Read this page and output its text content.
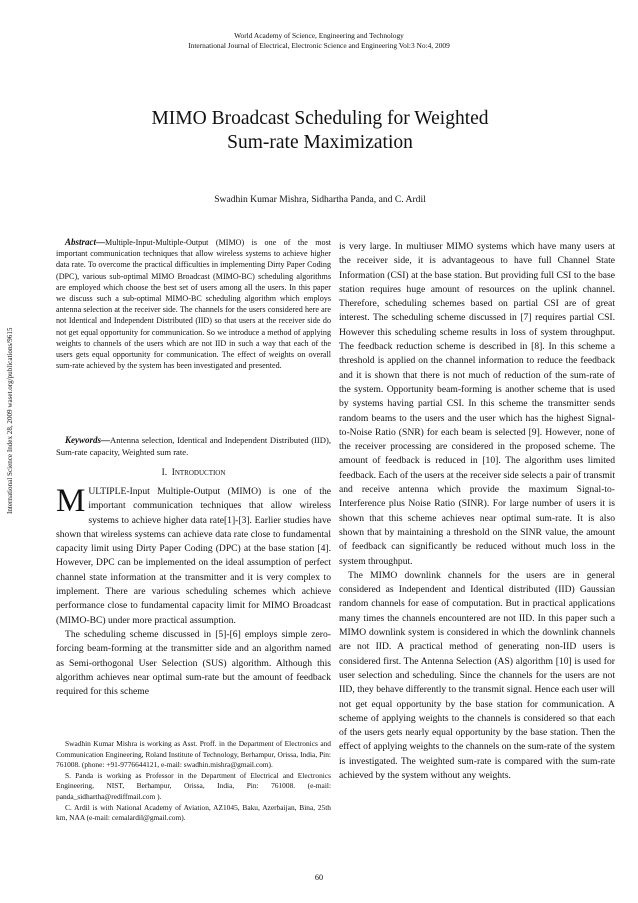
World Academy of Science, Engineering and Technology
International Journal of Electrical, Electronic Science and Engineering Vol:3 No:4, 2009
International Science Index 28, 2009 waset.org/publications/9615
MIMO Broadcast Scheduling for Weighted
Sum-rate Maximization
Swadhin Kumar Mishra, Sidhartha Panda, and C. Ardil

Abstract—Multiple-Input-Multiple-Output (MIMO) is one of the most important communication techniques that allow wireless systems to achieve higher data rate. To overcome the practical difficulties in implementing Dirty Paper Coding (DPC), various sub-optimal MIMO Broadcast (MIMO-BC) scheduling algorithms are employed which choose the best set of users among all the users. In this paper we discuss such a sub-optimal MIMO-BC scheduling algorithm which employs antenna selection at the receiver side. The channels for the users considered here are not Identical and Independent Distributed (IID) so that users at the receiver side do not get equal opportunity for communication. So we introduce a method of applying weights to channels of the users which are not IID in such a way that each of the users gets equal opportunity for communication. The effect of weights on overall sum-rate achieved by the system has been investigated and presented.

Keywords—Antenna selection, Identical and Independent Distributed (IID), Sum-rate capacity, Weighted sum rate.

I. Introduction

MULTIPLE-Input Multiple-Output (MIMO) is one of the important communication techniques that allow wireless systems to achieve higher data rate[1]-[3]. Earlier studies have shown that wireless systems can achieve data rate close to fundamental capacity limit using Dirty Paper Coding (DPC) at the base station [4]. However, DPC can be implemented on the ideal assumption of perfect channel state information at the transmitter and it is very complex to implement. There are various scheduling schemes which achieve performance close to fundamental capacity limit for MIMO Broadcast (MIMO-BC) under more practical assumption.

The scheduling scheme discussed in [5]-[6] employs simple zero-forcing beam-forming at the transmitter side and an algorithm named as Semi-orthogonal User Selection (SUS) algorithm. Although this algorithm achieves near optimal sum-rate but the amount of feedback required for this scheme

Swadhin Kumar Mishra is working as Asst. Proff. in the Department of Electronics and Communication Engineering, Roland Institute of Technology, Berhampur, Orissa, India, Pin: 761008. (phone: +91-9776644121, e-mail: swadhin.mishra@gmail.com).

S. Panda is working as Professor in the Department of Electrical and Electronics Engineering, NIST, Berhampur, Orissa, India, Pin: 761008. (e-mail: panda_sidhartha@rediffmail.com ).

C. Ardil is with National Academy of Aviation, AZ1045, Baku, Azerbaijan, Bina, 25th km, NAA (e-mail: cemalardil@gmail.com).

is very large. In multiuser MIMO systems which have many users at the receiver side, it is advantageous to have full Channel State Information (CSI) at the base station. But providing full CSI to the base station requires huge amount of resources on the uplink channel. Therefore, scheduling schemes based on partial CSI are of great interest. The scheduling scheme discussed in [7] requires partial CSI. However this scheduling scheme results in loss of system throughput. The feedback reduction scheme is described in [8]. In this scheme a threshold is applied on the channel information to reduce the feedback and it is shown that there is not much of reduction of the sum-rate of the system. Opportunity beam-forming is another scheme that is used by systems having partial CSI. In this scheme the transmitter sends random beams to the users and the user which has the highest Signal-to-Noise Ratio (SNR) for each beam is selected [9]. However, none of the receiver processing are considered in the proposed scheme. The amount of feedback is reduced in [10]. The algorithm uses limited feedback. Each of the users at the receiver side selects a pair of transmit and receive antenna which provide the maximum Signal-to-Interference plus Noise Ratio (SINR). For large number of users it is shown that this scheme achieves near optimal sum-rate. It is also shown that by maintaining a threshold on the SINR value, the amount of feedback can significantly be reduced without much loss in the system throughput.

The MIMO downlink channels for the users are in general considered as Independent and Identical distributed (IID) Gaussian random channels for ease of computation. But in practical applications many times the channels encountered are not IID. In this paper such a MIMO downlink system is considered in which the downlink channels are not IID. A practical method of generating non-IID users is considered first. The Antenna Selection (AS) algorithm [10] is used for user selection and scheduling. Since the channels for the users are not IID, they behave differently to the transmit signal. Hence each user will not get equal opportunity by the base station for communication. A scheme of applying weights to the channels is considered so that each of the users gets nearly equal opportunity by the base station. Then the effect of applying weights to the channels on the sum-rate of the system is investigated. The weighted sum-rate is compared with the sum-rate achieved by the system without any weights.

60
